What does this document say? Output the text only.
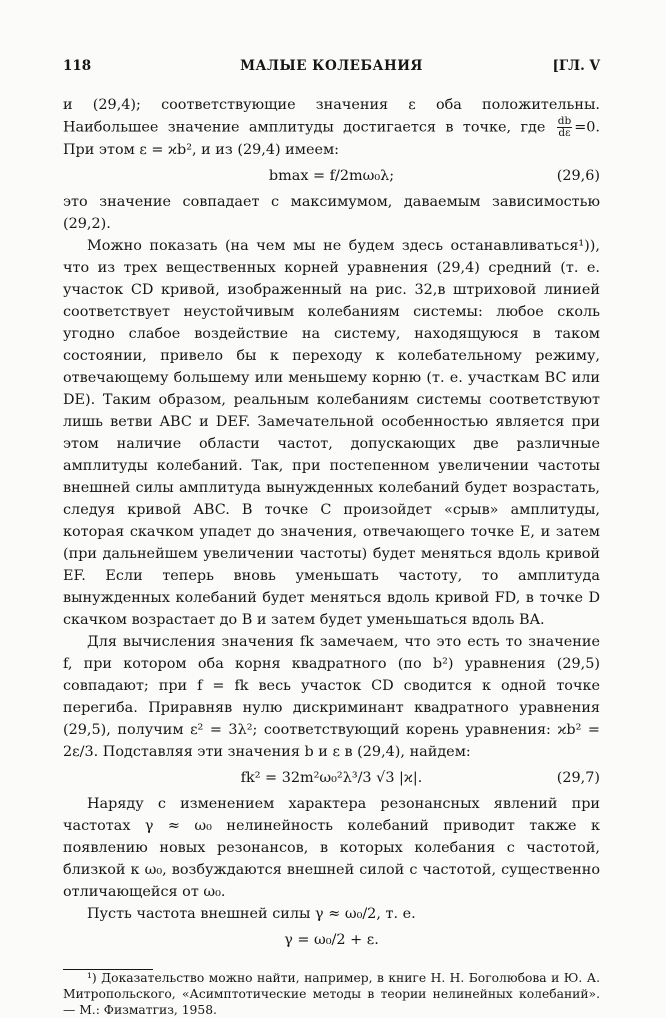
118	МАЛЫЕ КОЛЕБАНИЯ	[ГЛ. V

и (29,4); соответствующие значения ε оба положительны. Наибольшее значение амплитуды достигается в точке, где $\frac{db}{d\varepsilon} =0$. При этом ε = ϰb², и из (29,4) имеем:

bmax = f/2mω₀λ;	(29,6)

это значение совпадает с максимумом, даваемым зависимостью (29,2).

Можно показать (на чем мы не будем здесь останавливаться¹)), что из трех вещественных корней уравнения (29,4) средний (т. е. участок CD кривой, изображенный на рис. 32,в штриховой линией соответствует неустойчивым колебаниям системы: любое сколь угодно слабое воздействие на систему, находящуюся в таком состоянии, привело бы к переходу к колебательному режиму, отвечающему большему или меньшему корню (т. е. участкам BC или DE). Таким образом, реальным колебаниям системы соответствуют лишь ветви ABC и DEF. Замечательной особенностью является при этом наличие области частот, допускающих две различные амплитуды колебаний. Так, при постепенном увеличении частоты внешней силы амплитуда вынужденных колебаний будет возрастать, следуя кривой ABC. В точке C произойдет «срыв» амплитуды, которая скачком упадет до значения, отвечающего точке E, и затем (при дальнейшем увеличении частоты) будет меняться вдоль кривой EF. Если теперь вновь уменьшать частоту, то амплитуда вынужденных колебаний будет меняться вдоль кривой FD, в точке D скачком возрастает до B и затем будет уменьшаться вдоль BA.

Для вычисления значения fk замечаем, что это есть то значение f, при котором оба корня квадратного (по b²) уравнения (29,5) совпадают; при f = fk весь участок CD сводится к одной точке перегиба. Приравняв нулю дискриминант квадратного уравнения (29,5), получим ε² = 3λ²; соответствующий корень уравнения: ϰb² = 2ε/3. Подставляя эти значения b и ε в (29,4), найдем:

fk² = 32m²ω₀²λ³/3 √3 |ϰ|.	(29,7)

Наряду с изменением характера резонансных явлений при частотах γ ≈ ω₀ нелинейность колебаний приводит также к появлению новых резонансов, в которых колебания с частотой, близкой к ω₀, возбуждаются внешней силой с частотой, существенно отличающейся от ω₀.

Пусть частота внешней силы γ ≈ ω₀/2, т. е.

γ = ω₀/2 + ε.

¹) Доказательство можно найти, например, в книге Н. Н. Боголюбова и Ю. А. Митропольского, «Асимптотические методы в теории нелинейных колебаний». — М.: Физматгиз, 1958.
